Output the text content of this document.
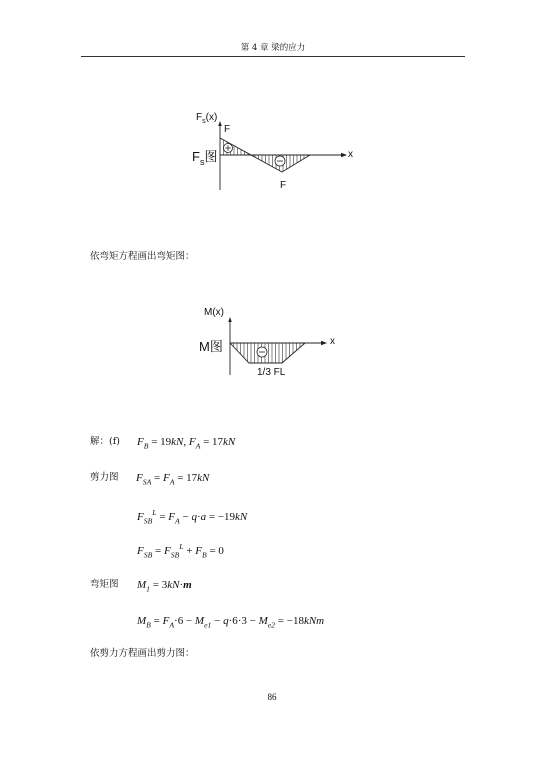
第 4 章 梁的应力
$F_s(x)$
F
$F_s$图	x
F
依弯矩方程画出弯矩图：
M(x)
M图	x
1/3 FL
解：(f) $F_B = 19kN$, $F_A = 17kN$
剪力图 $F_{SA} = F_A = 17kN$
$F_{SB}^L = F_A - q\cdot a = -19kN$
$F_{SB} = F_{SB}^L + F_B = 0$
弯矩图 $M_1 = 3kN\cdot m$
$M_B = F_A\cdot 6 - M_{e1} - q\cdot 6\cdot 3 - M_{e2} = -18kNm$
依剪力方程画出剪力图：
86
